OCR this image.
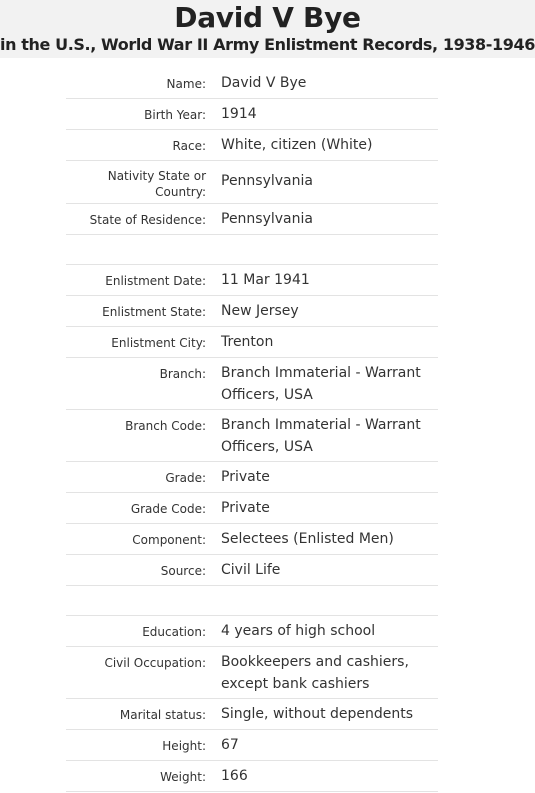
David V Bye
in the U.S., World War II Army Enlistment Records, 1938-1946
Name:	David V Bye
Birth Year:	1914
Race:	White, citizen (White)
Nativity State or Country:
Pennsylvania
State of Residence:	Pennsylvania
Enlistment Date:	11 Mar 1941
Enlistment State:	New Jersey
Enlistment City:	Trenton
Branch:	Branch Immaterial - Warrant Officers, USA
Branch Code:	Branch Immaterial - Warrant Officers, USA
Grade:	Private
Grade Code:	Private
Component:	Selectees (Enlisted Men)
Source:	Civil Life
Education:	4 years of high school
Civil Occupation:	Bookkeepers and cashiers, except bank cashiers
Marital status:	Single, without dependents
Height:	67
Weight:	166
